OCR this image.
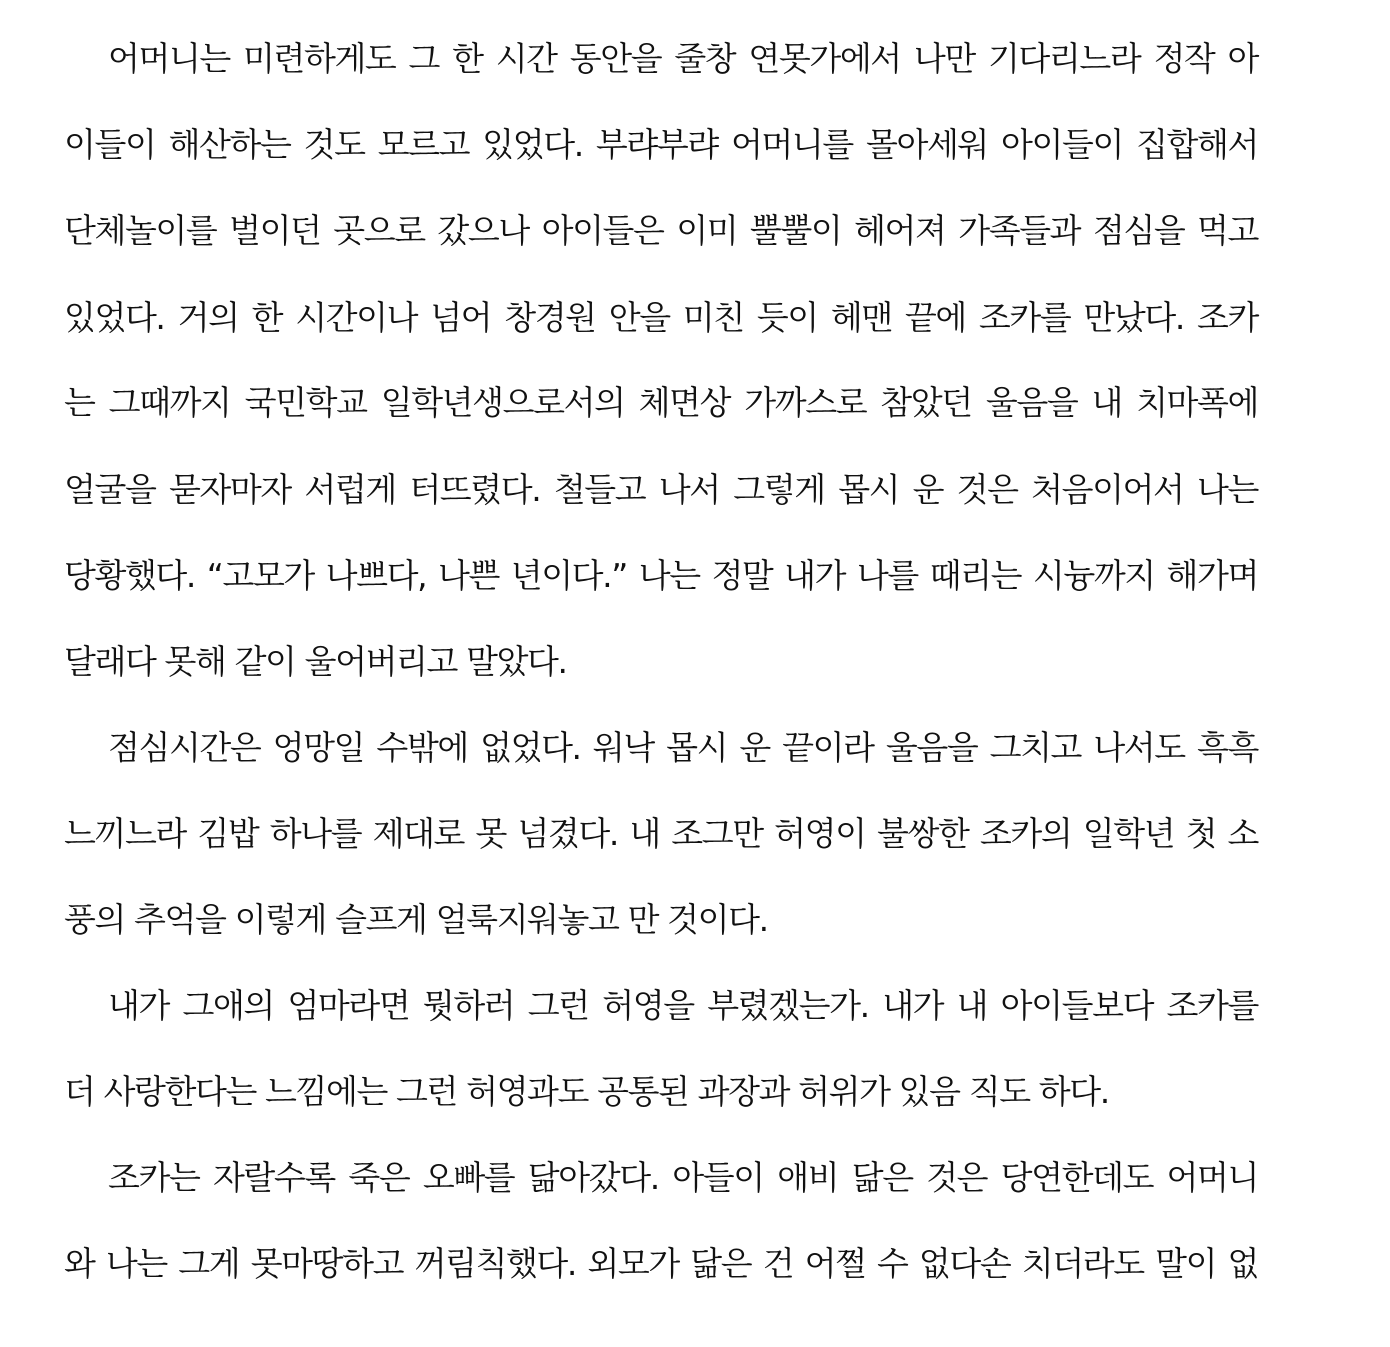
어머니는 미련하게도 그 한 시간 동안을 줄창 연못가에서 나만 기다리느라 정작 아
이들이 해산하는 것도 모르고 있었다. 부랴부랴 어머니를 몰아세워 아이들이 집합해서
단체놀이를 벌이던 곳으로 갔으나 아이들은 이미 뿔뿔이 헤어져 가족들과 점심을 먹고
있었다. 거의 한 시간이나 넘어 창경원 안을 미친 듯이 헤맨 끝에 조카를 만났다. 조카
는 그때까지 국민학교 일학년생으로서의 체면상 가까스로 참았던 울음을 내 치마폭에
얼굴을 묻자마자 서럽게 터뜨렸다. 철들고 나서 그렇게 몹시 운 것은 처음이어서 나는
당황했다. “고모가 나쁘다, 나쁜 년이다.” 나는 정말 내가 나를 때리는 시늉까지 해가며
달래다 못해 같이 울어버리고 말았다.
점심시간은 엉망일 수밖에 없었다. 워낙 몹시 운 끝이라 울음을 그치고 나서도 흑흑
느끼느라 김밥 하나를 제대로 못 넘겼다. 내 조그만 허영이 불쌍한 조카의 일학년 첫 소
풍의 추억을 이렇게 슬프게 얼룩지워놓고 만 것이다.
내가 그애의 엄마라면 뭣하러 그런 허영을 부렸겠는가. 내가 내 아이들보다 조카를
더 사랑한다는 느낌에는 그런 허영과도 공통된 과장과 허위가 있음 직도 하다.
조카는 자랄수록 죽은 오빠를 닮아갔다. 아들이 애비 닮은 것은 당연한데도 어머니
와 나는 그게 못마땅하고 꺼림칙했다. 외모가 닮은 건 어쩔 수 없다손 치더라도 말이 없
